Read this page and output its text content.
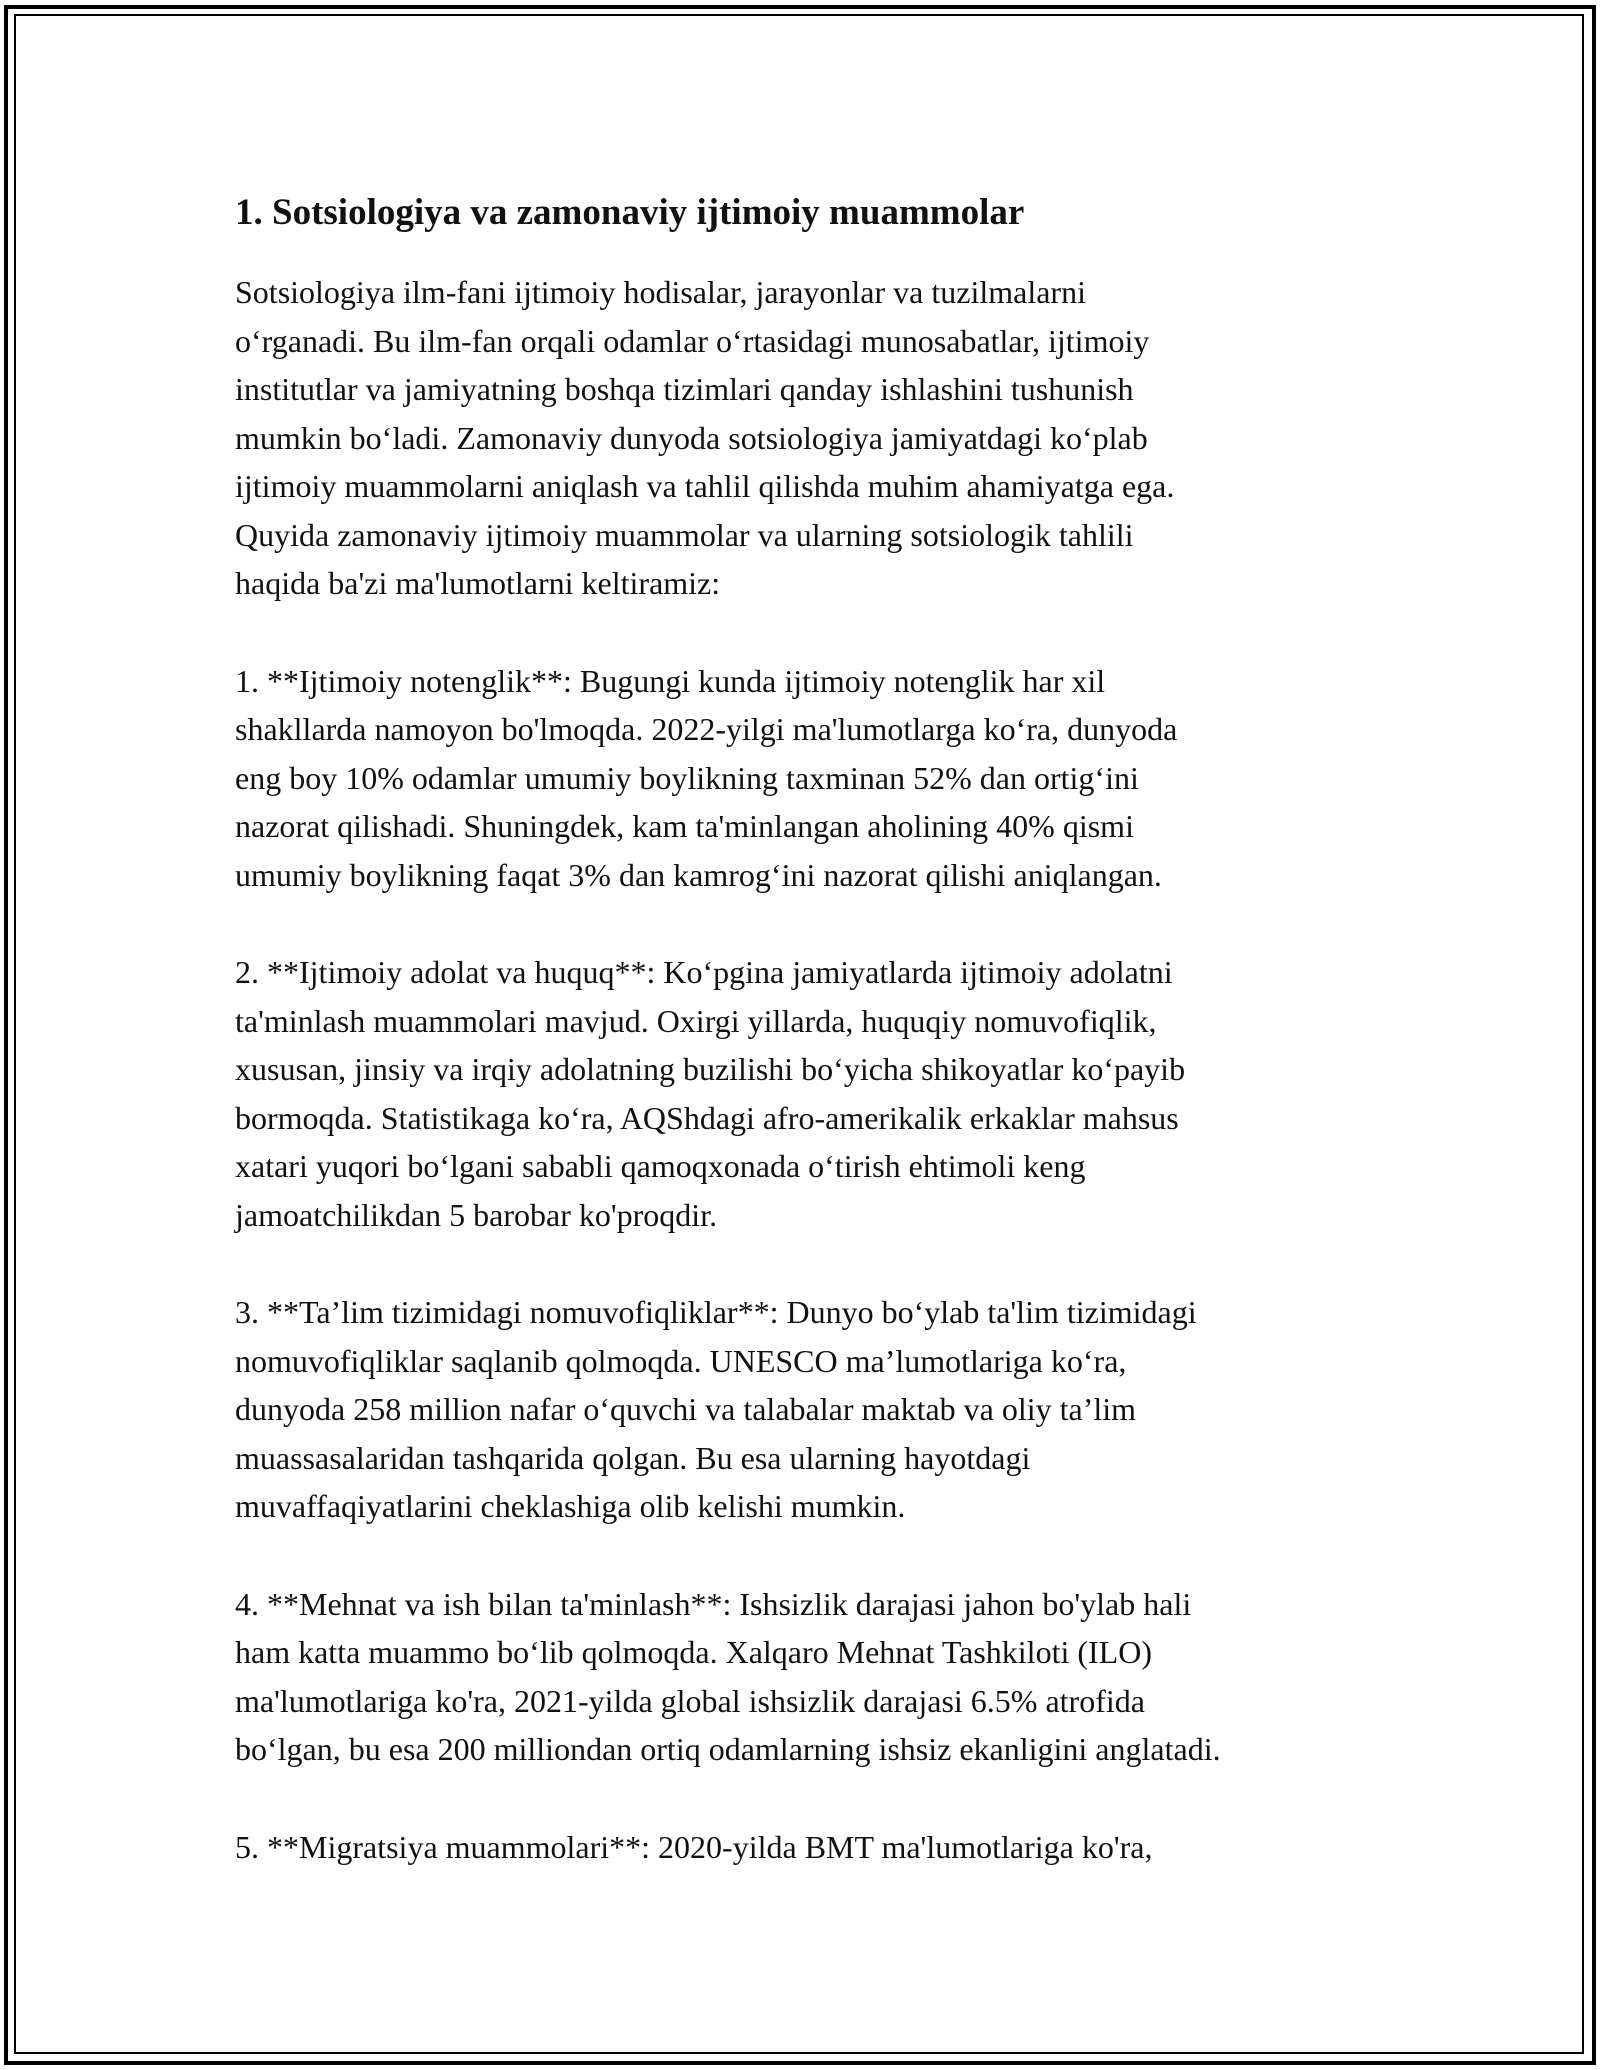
1. Sotsiologiya va zamonaviy ijtimoiy muammolar

Sotsiologiya ilm-fani ijtimoiy hodisalar, jarayonlar va tuzilmalarni
o‘rganadi. Bu ilm-fan orqali odamlar o‘rtasidagi munosabatlar, ijtimoiy
institutlar va jamiyatning boshqa tizimlari qanday ishlashini tushunish
mumkin bo‘ladi. Zamonaviy dunyoda sotsiologiya jamiyatdagi ko‘plab
ijtimoiy muammolarni aniqlash va tahlil qilishda muhim ahamiyatga ega.
Quyida zamonaviy ijtimoiy muammolar va ularning sotsiologik tahlili
haqida ba'zi ma'lumotlarni keltiramiz:

1. **Ijtimoiy notenglik**: Bugungi kunda ijtimoiy notenglik har xil
shakllarda namoyon bo'lmoqda. 2022-yilgi ma'lumotlarga ko‘ra, dunyoda
eng boy 10% odamlar umumiy boylikning taxminan 52% dan ortig‘ini
nazorat qilishadi. Shuningdek, kam ta'minlangan aholining 40% qismi
umumiy boylikning faqat 3% dan kamrog‘ini nazorat qilishi aniqlangan.

2. **Ijtimoiy adolat va huquq**: Ko‘pgina jamiyatlarda ijtimoiy adolatni
ta'minlash muammolari mavjud. Oxirgi yillarda, huquqiy nomuvofiqlik,
xususan, jinsiy va irqiy adolatning buzilishi bo‘yicha shikoyatlar ko‘payib
bormoqda. Statistikaga ko‘ra, AQShdagi afro-amerikalik erkaklar mahsus
xatari yuqori bo‘lgani sababli qamoqxonada o‘tirish ehtimoli keng
jamoatchilikdan 5 barobar ko'proqdir.

3. **Ta’lim tizimidagi nomuvofiqliklar**: Dunyo bo‘ylab ta'lim tizimidagi
nomuvofiqliklar saqlanib qolmoqda. UNESCO ma’lumotlariga ko‘ra,
dunyoda 258 million nafar o‘quvchi va talabalar maktab va oliy ta’lim
muassasalaridan tashqarida qolgan. Bu esa ularning hayotdagi
muvaffaqiyatlarini cheklashiga olib kelishi mumkin.

4. **Mehnat va ish bilan ta'minlash**: Ishsizlik darajasi jahon bo'ylab hali
ham katta muammo bo‘lib qolmoqda. Xalqaro Mehnat Tashkiloti (ILO)
ma'lumotlariga ko'ra, 2021-yilda global ishsizlik darajasi 6.5% atrofida
bo‘lgan, bu esa 200 milliondan ortiq odamlarning ishsiz ekanligini anglatadi.

5. **Migratsiya muammolari**: 2020-yilda BMT ma'lumotlariga ko'ra,
